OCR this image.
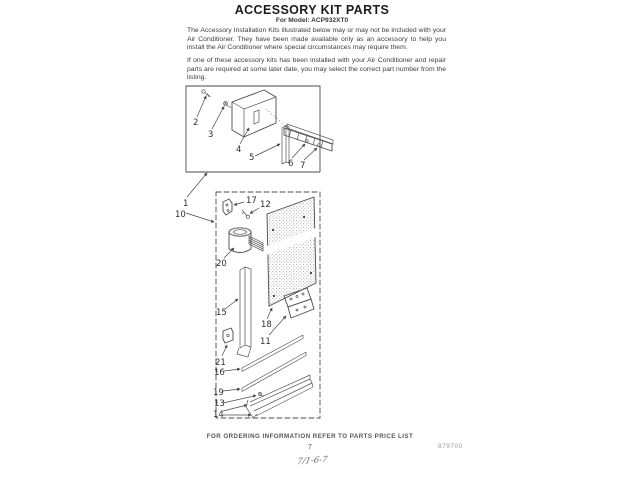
ACCESSORY KIT PARTS
For Model: ACP932XT0

The Accessory Installation Kits illustrated below may or may not be included with your Air Conditioner. They have been made available only as an accessory to help you install the Air Conditioner where special circumstances may require them.

If one of these accessory kits has been installed with your Air Conditioner and repair parts are required at some later date, you may select the correct part number from the listing.

2
3
4
5
6 7
1
10
17 12
20
18
15
11
21
16
19
13
14
FOR ORDERING INFORMATION REFER TO PARTS PRICE LIST
7	879700
7/1-6-7
